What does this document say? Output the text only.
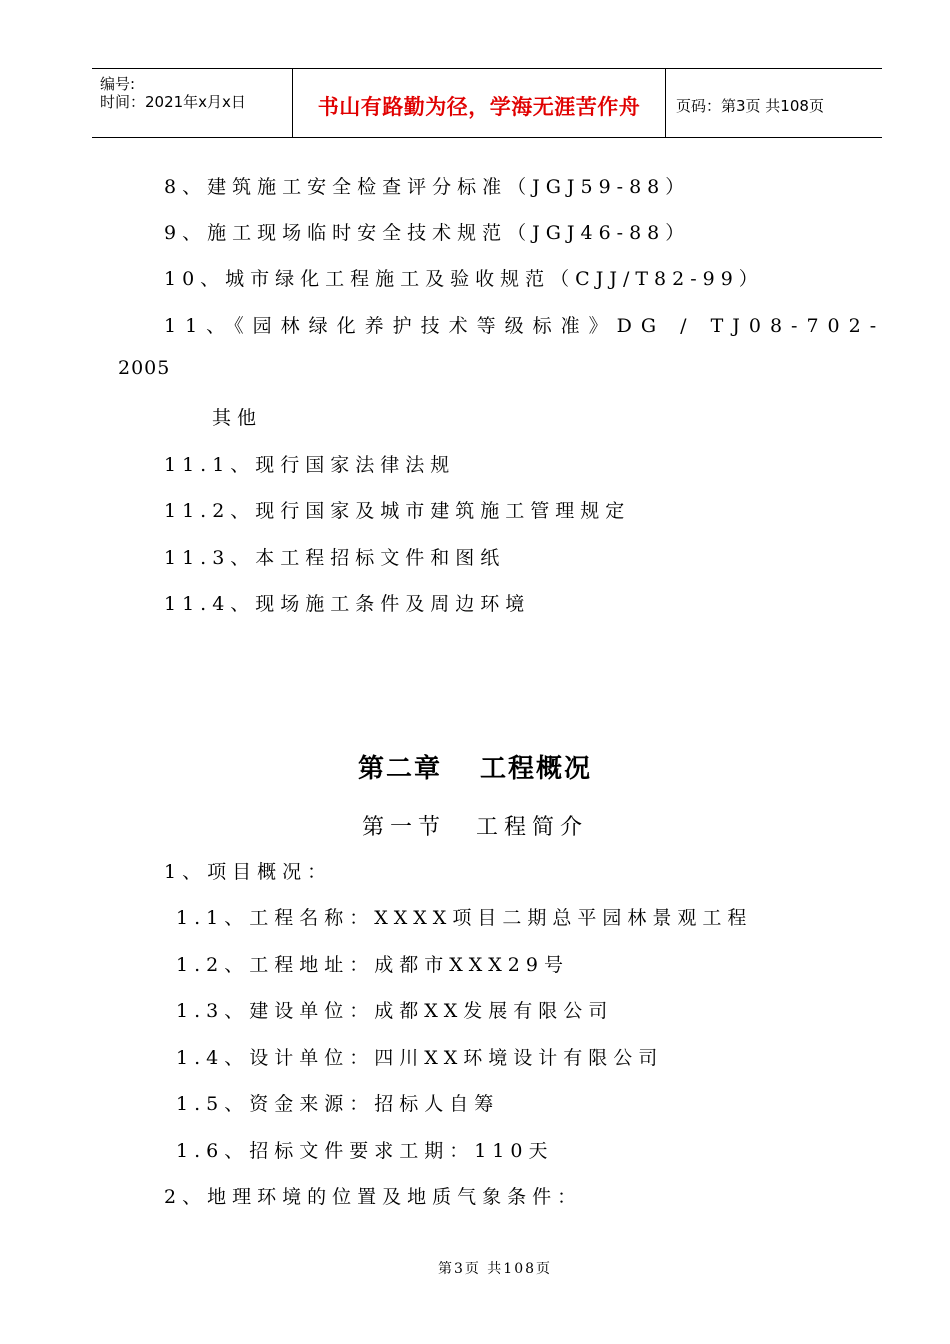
编号:
时间：2021年x月x日	书山有路勤为径，学海无涯苦作舟	页码：第3页 共108页
8、建筑施工安全检查评分标准（JGJ59-88）
9、施工现场临时安全技术规范（JGJ46-88）
10、城市绿化工程施工及验收规范（CJJ/T82-99）
11、《园林绿化养护技术等级标准》DG / TJ08-702-
2005
其他
11.1、现行国家法律法规
11.2、现行国家及城市建筑施工管理规定
11.3、本工程招标文件和图纸
11.4、现场施工条件及周边环境
第二章 工程概况
第一节 工程简介
1、项目概况：
1.1、工程名称：XXXX项目二期总平园林景观工程
1.2、工程地址：成都市XXX29号
1.3、建设单位：成都XX发展有限公司
1.4、设计单位：四川XX环境设计有限公司
1.5、资金来源：招标人自筹
1.6、招标文件要求工期：110天
2、地理环境的位置及地质气象条件：
第3页 共108页
